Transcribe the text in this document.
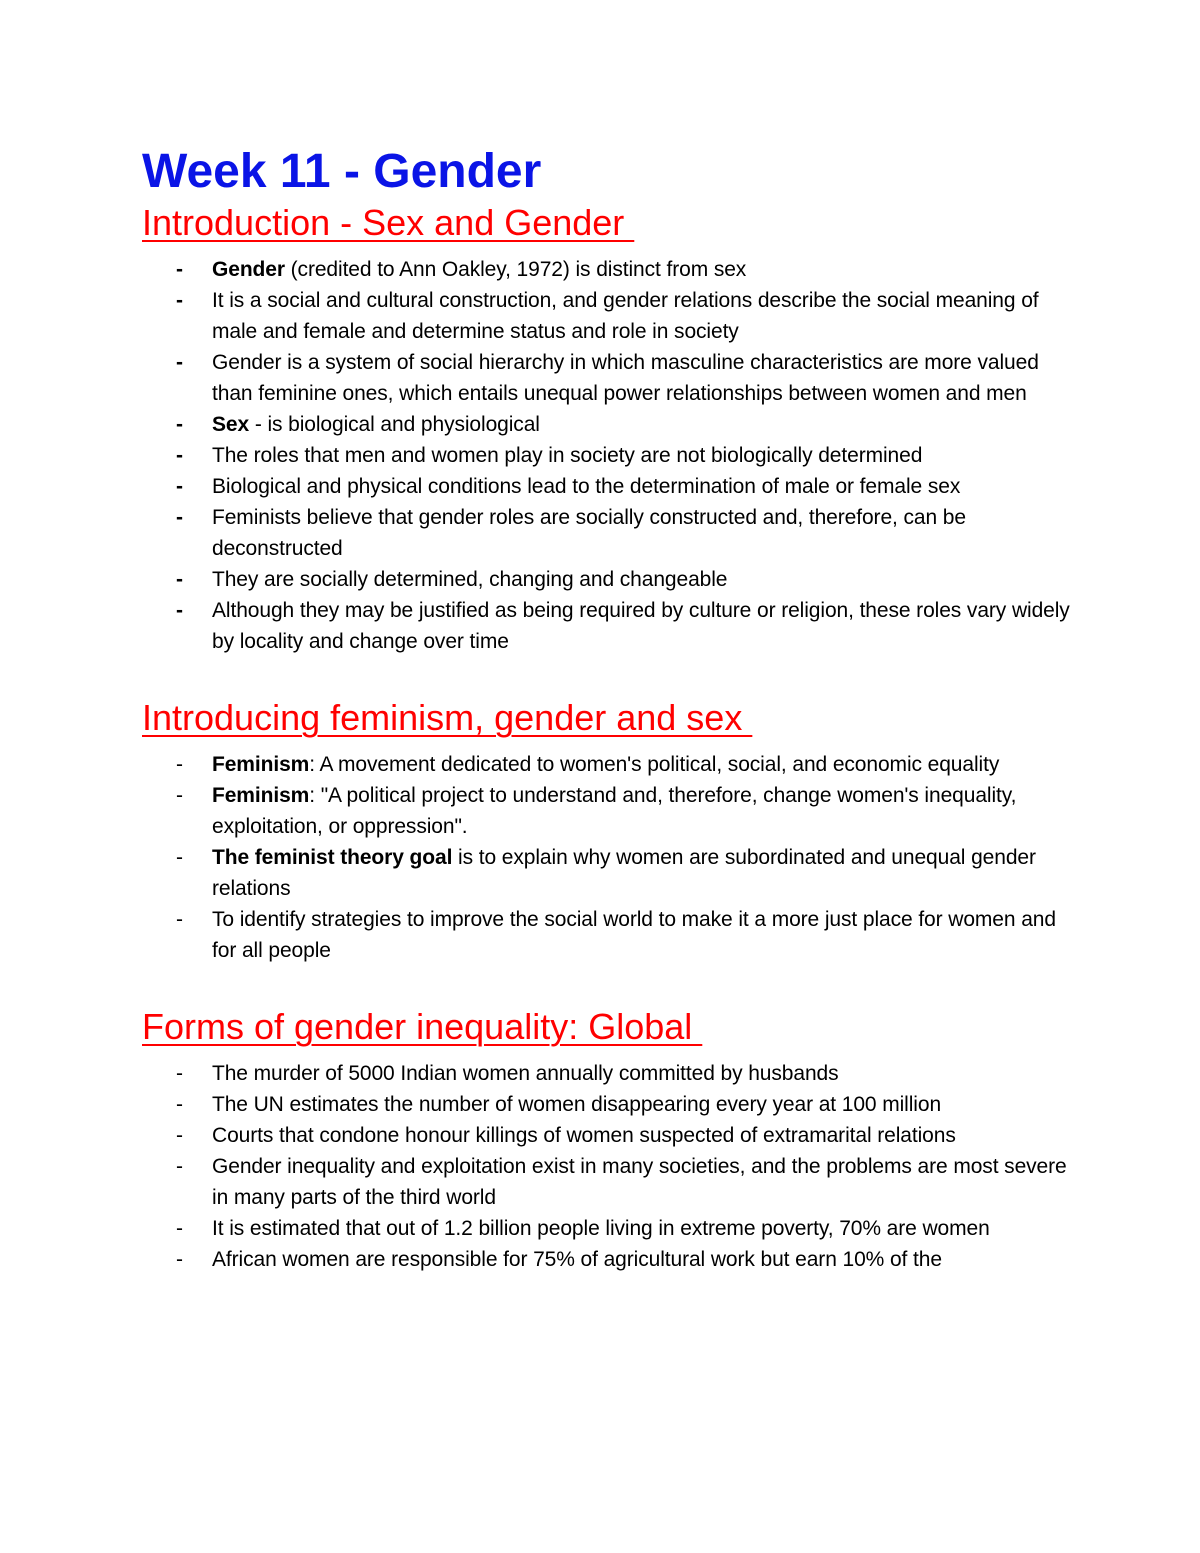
Week 11 - Gender
Introduction - Sex and Gender
- Gender (credited to Ann Oakley, 1972) is distinct from sex
- It is a social and cultural construction, and gender relations describe the social meaning of male and female and determine status and role in society
- Gender is a system of social hierarchy in which masculine characteristics are more valued than feminine ones, which entails unequal power relationships between women and men
- Sex - is biological and physiological
- The roles that men and women play in society are not biologically determined
- Biological and physical conditions lead to the determination of male or female sex
- Feminists believe that gender roles are socially constructed and, therefore, can be deconstructed
- They are socially determined, changing and changeable
- Although they may be justified as being required by culture or religion, these roles vary widely by locality and change over time
Introducing feminism, gender and sex
- Feminism: A movement dedicated to women's political, social, and economic equality
- Feminism: "A political project to understand and, therefore, change women's inequality, exploitation, or oppression".
- The feminist theory goal is to explain why women are subordinated and unequal gender relations
- To identify strategies to improve the social world to make it a more just place for women and for all people
Forms of gender inequality: Global
- The murder of 5000 Indian women annually committed by husbands
- The UN estimates the number of women disappearing every year at 100 million
- Courts that condone honour killings of women suspected of extramarital relations
- Gender inequality and exploitation exist in many societies, and the problems are most severe in many parts of the third world
- It is estimated that out of 1.2 billion people living in extreme poverty, 70% are women
- African women are responsible for 75% of agricultural work but earn 10% of the
